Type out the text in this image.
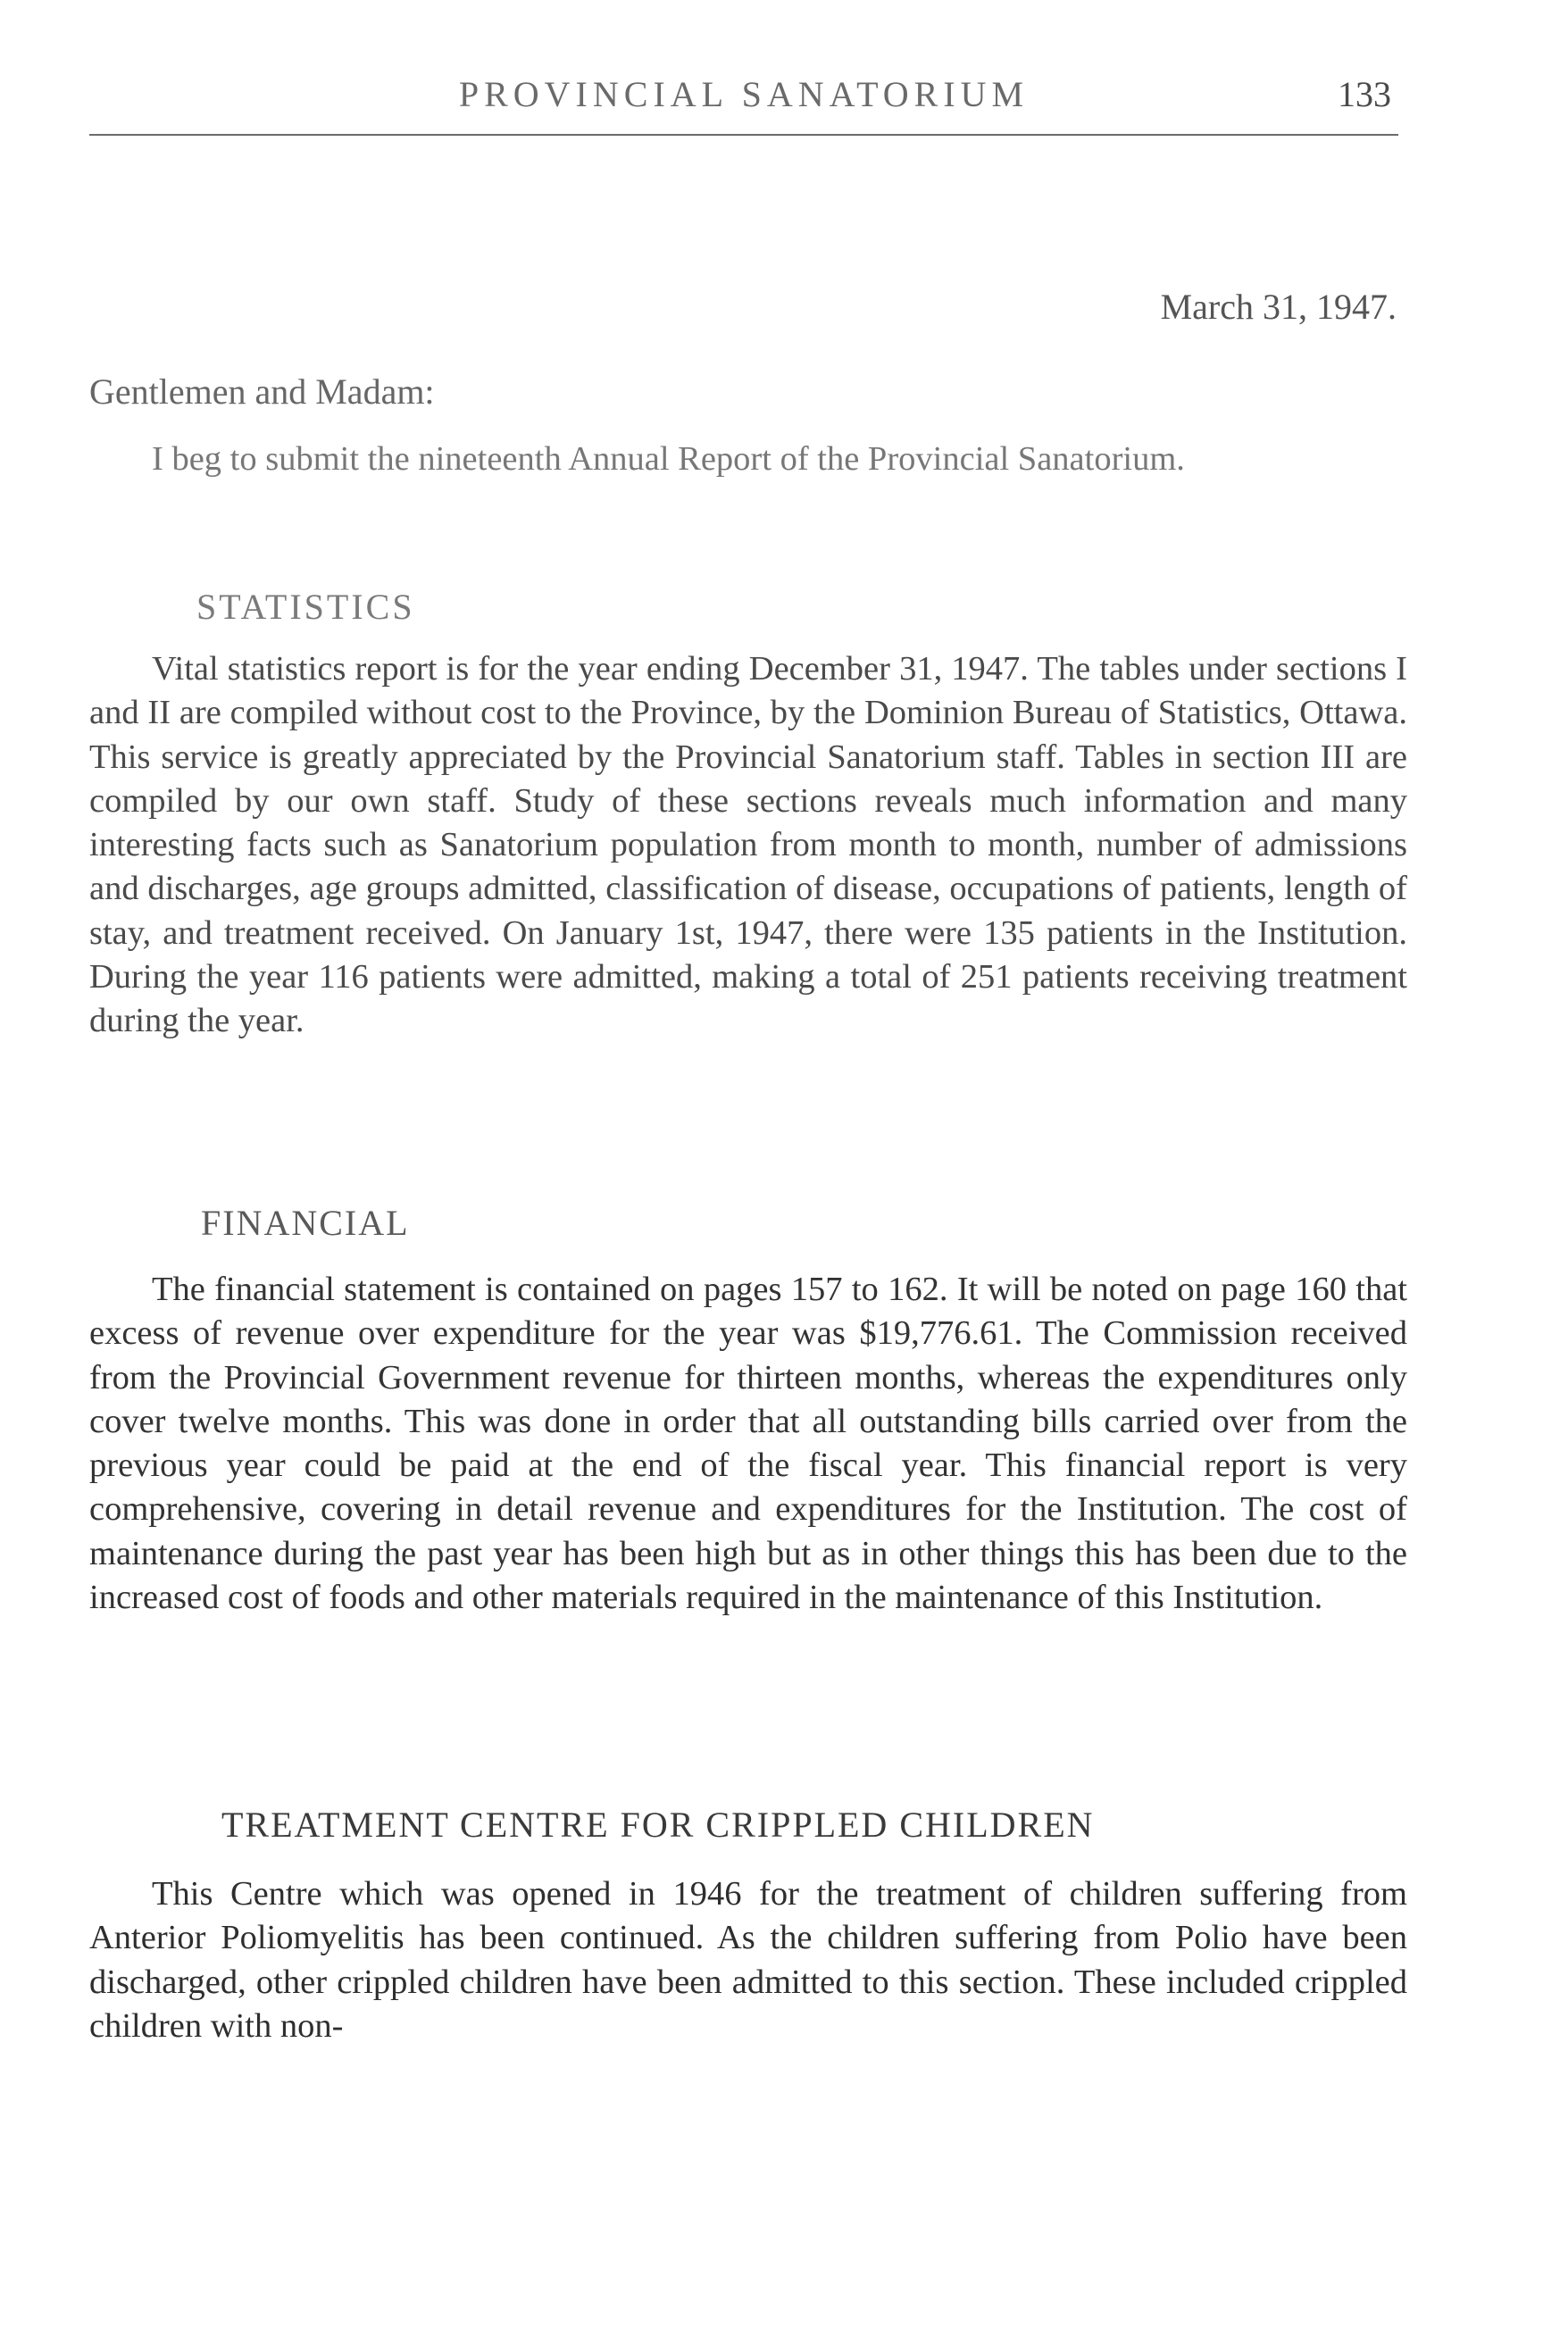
PROVINCIAL SANATORIUM	133
March 31, 1947.
Gentlemen and Madam:

I beg to submit the nineteenth Annual Report of the Provincial Sanatorium.

STATISTICS

Vital statistics report is for the year ending December 31, 1947. The tables under sections I and II are compiled without cost to the Province, by the Dominion Bureau of Statistics, Ottawa. This service is greatly appreciated by the Provincial Sanatorium staff. Tables in section III are compiled by our own staff. Study of these sections reveals much information and many interesting facts such as Sanatorium population from month to month, number of admissions and discharges, age groups admitted, classification of disease, occupations of patients, length of stay, and treatment received. On January 1st, 1947, there were 135 patients in the Institution. During the year 116 patients were admitted, making a total of 251 patients receiving treatment during the year.

FINANCIAL

The financial statement is contained on pages 157 to 162. It will be noted on page 160 that excess of revenue over expenditure for the year was $19,776.61. The Commission received from the Provincial Government revenue for thirteen months, whereas the expenditures only cover twelve months. This was done in order that all outstanding bills carried over from the previous year could be paid at the end of the fiscal year. This financial report is very comprehensive, covering in detail revenue and expenditures for the Institution. The cost of maintenance during the past year has been high but as in other things this has been due to the increased cost of foods and other materials required in the maintenance of this Institution.

TREATMENT CENTRE FOR CRIPPLED CHILDREN

This Centre which was opened in 1946 for the treatment of children suffering from Anterior Poliomyelitis has been continued. As the children suffering from Polio have been discharged, other crippled children have been admitted to this section. These included crippled children with non-
